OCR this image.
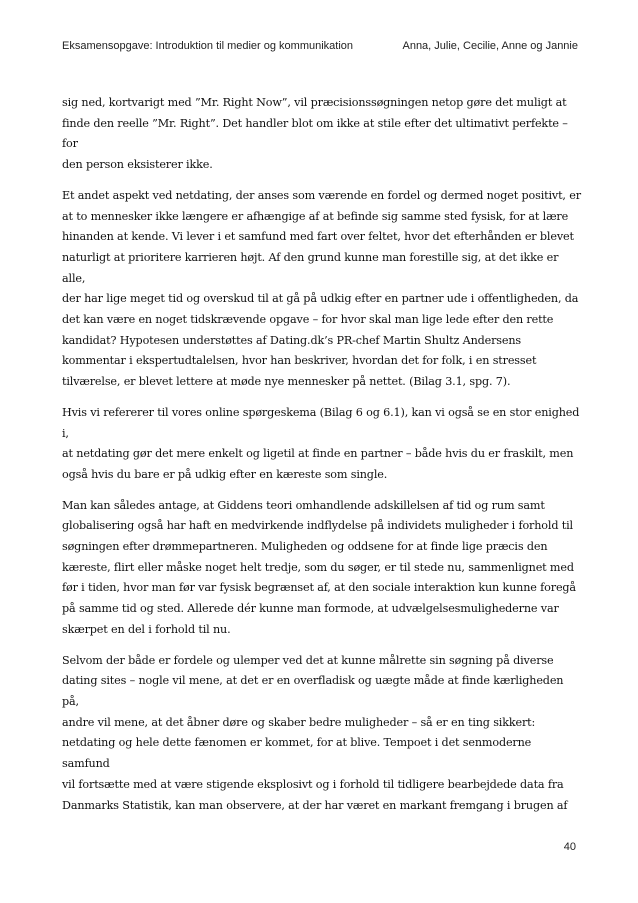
Eksamensopgave: Introduktion til medier og kommunikation	Anna, Julie, Cecilie, Anne og Jannie

sig ned, kortvarigt med ”Mr. Right Now”, vil præcisionssøgningen netop gøre det muligt at
finde den reelle ”Mr. Right”. Det handler blot om ikke at stile efter det ultimativt perfekte – for
den person eksisterer ikke.

Et andet aspekt ved netdating, der anses som værende en fordel og dermed noget positivt, er
at to mennesker ikke længere er afhængige af at befinde sig samme sted fysisk, for at lære
hinanden at kende. Vi lever i et samfund med fart over feltet, hvor det efterhånden er blevet
naturligt at prioritere karrieren højt. Af den grund kunne man forestille sig, at det ikke er alle,
der har lige meget tid og overskud til at gå på udkig efter en partner ude i offentligheden, da
det kan være en noget tidskrævende opgave – for hvor skal man lige lede efter den rette
kandidat? Hypotesen understøttes af Dating.dk’s PR-chef Martin Shultz Andersens
kommentar i ekspertudtalelsen, hvor han beskriver, hvordan det for folk, i en stresset
tilværelse, er blevet lettere at møde nye mennesker på nettet. (Bilag 3.1, spg. 7).

Hvis vi refererer til vores online spørgeskema (Bilag 6 og 6.1), kan vi også se en stor enighed i,
at netdating gør det mere enkelt og ligetil at finde en partner – både hvis du er fraskilt, men
også hvis du bare er på udkig efter en kæreste som single.

Man kan således antage, at Giddens teori omhandlende adskillelsen af tid og rum samt
globalisering også har haft en medvirkende indflydelse på individets muligheder i forhold til
søgningen efter drømmepartneren. Muligheden og oddsene for at finde lige præcis den
kæreste, flirt eller måske noget helt tredje, som du søger, er til stede nu, sammenlignet med
før i tiden, hvor man før var fysisk begrænset af, at den sociale interaktion kun kunne foregå
på samme tid og sted. Allerede dér kunne man formode, at udvælgelsesmulighederne var
skærpet en del i forhold til nu.

Selvom der både er fordele og ulemper ved det at kunne målrette sin søgning på diverse
dating sites – nogle vil mene, at det er en overfladisk og uægte måde at finde kærligheden på,
andre vil mene, at det åbner døre og skaber bedre muligheder – så er en ting sikkert:
netdating og hele dette fænomen er kommet, for at blive. Tempoet i det senmoderne samfund
vil fortsætte med at være stigende eksplosivt og i forhold til tidligere bearbejdede data fra
Danmarks Statistik, kan man observere, at der har været en markant fremgang i brugen af

40
